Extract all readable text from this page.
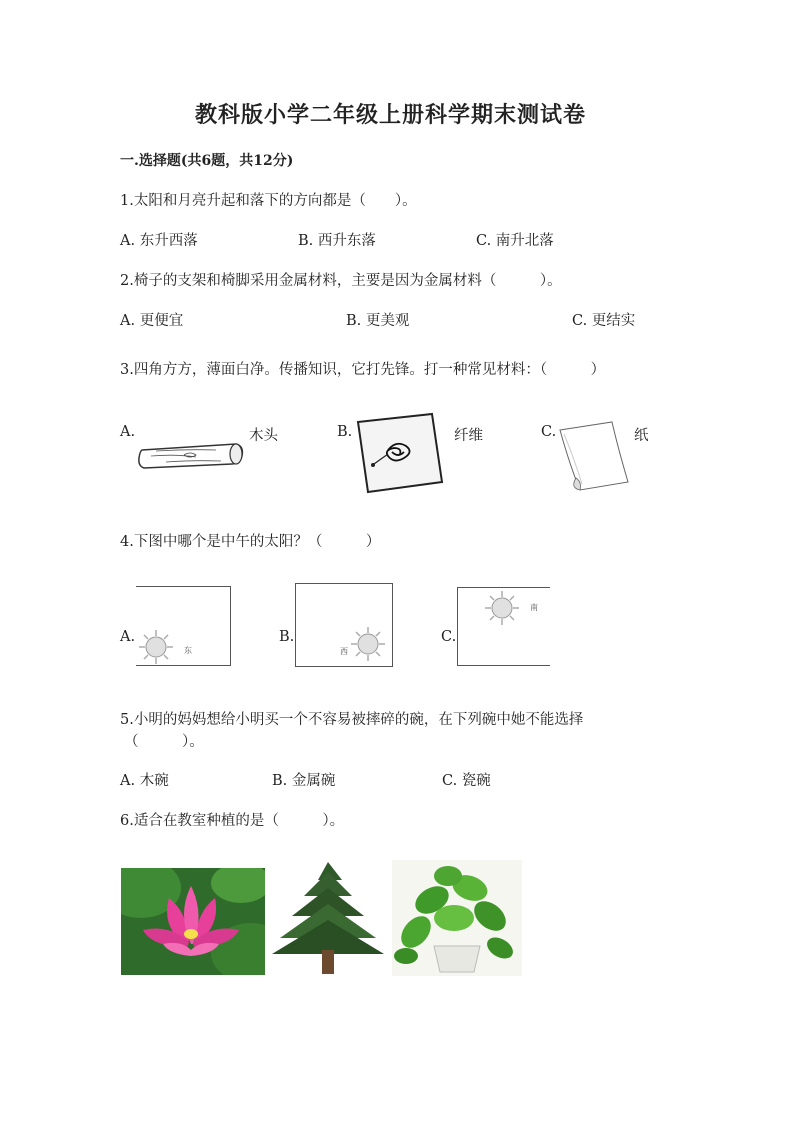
教科版小学二年级上册科学期末测试卷
一.选择题(共6题，共12分)
1.太阳和月亮升起和落下的方向都是（　　）。
A. 东升西落	B. 西升东落	C. 南升北落
2.椅子的支架和椅脚采用金属材料，主要是因为金属材料（　　　）。
A. 更便宜	B. 更美观	C. 更结实
3.四角方方，薄面白净。传播知识，它打先锋。打一种常见材料：（　　　）
A.	木头	B.	纤维	C.	纸
4.下图中哪个是中午的太阳？（　　　）
A.
东
B.
西
C.
南
5.小明的妈妈想给小明买一个不容易被摔碎的碗，在下列碗中她不能选择
（　　　）。
A. 木碗	B. 金属碗	C. 瓷碗
6.适合在教室种植的是（　　　）。
